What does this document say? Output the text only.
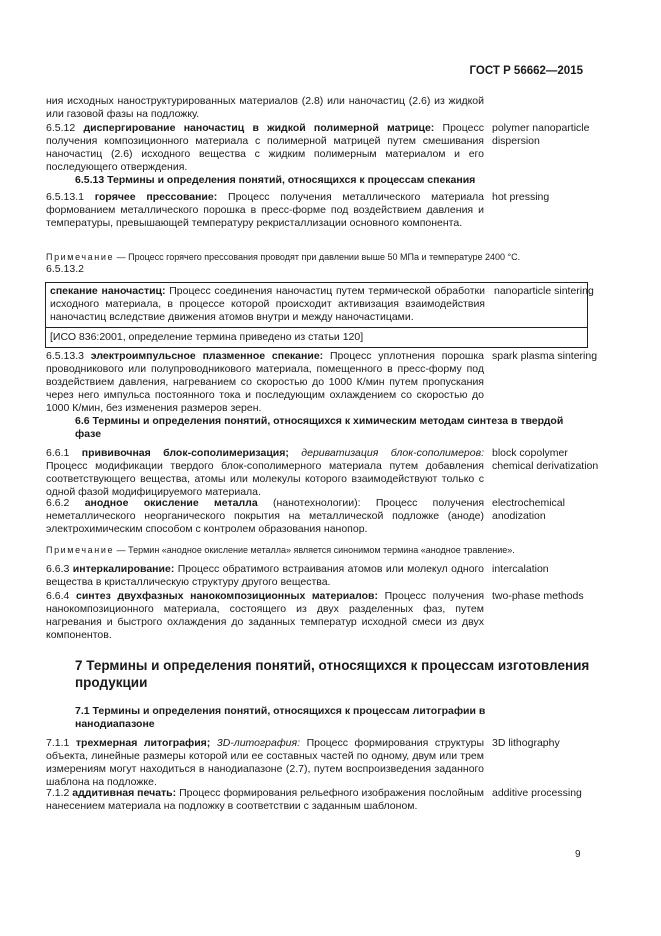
ГОСТ Р 56662—2015
ния исходных наноструктурированных материалов (2.8) или наночастиц (2.6) из жидкой или газовой фазы на подложку.
6.5.12 диспергирование наночастиц в жидкой полимерной матрице: Процесс получения композиционного материала с полимерной матрицей путем смешивания наночастиц (2.6) исходного вещества с жидким полимерным материалом и его последующего отверждения.
polymer nanoparticle dispersion
6.5.13 Термины и определения понятий, относящихся к процессам спекания
6.5.13.1 горячее прессование: Процесс получения металлического материала формованием металлического порошка в пресс-форме под воздействием давления и температуры, превышающей температуру рекристаллизации основного компонента.
hot pressing
Примечание — Процесс горячего прессования проводят при давлении выше 50 МПа и температуре 2400 °С.
6.5.13.2
спекание наночастиц: Процесс соединения наночастиц путем термической обработки исходного материала, в процессе которой происходит активизация взаимодействия наночастиц вследствие движения атомов внутри и между наночастицами.
nanoparticle sintering
[ИСО 836:2001, определение термина приведено из статьи 120]
6.5.13.3 электроимпульсное плазменное спекание: Процесс уплотнения порошка проводникового или полупроводникового материала, помещенного в пресс-форму под воздействием давления, нагреванием со скоростью до 1000 К/мин путем пропускания через него импульса постоянного тока и последующим охлаждением со скоростью до 1000 К/мин, без изменения размеров зерен.
spark plasma sintering
6.6 Термины и определения понятий, относящихся к химическим методам синтеза в твердой фазе
6.6.1 прививочная блок-сополимеризация; дериватизация блок-сополимеров: Процесс модификации твердого блок-сополимерного материала путем добавления соответствующего вещества, атомы или молекулы которого взаимодействуют только с одной фазой модифицируемого материала.
block copolymer chemical derivatization
6.6.2 анодное окисление металла (нанотехнологии): Процесс получения неметаллического неорганического покрытия на металлической подложке (аноде) электрохимическим способом с контролем образования нанопор.
electrochemical anodization
Примечание — Термин «анодное окисление металла» является синонимом термина «анодное травление».
6.6.3 интеркалирование: Процесс обратимого встраивания атомов или молекул одного вещества в кристаллическую структуру другого вещества.
intercalation
6.6.4 синтез двухфазных нанокомпозиционных материалов: Процесс получения нанокомпозиционного материала, состоящего из двух разделенных фаз, путем нагревания и быстрого охлаждения до заданных температур исходной смеси из двух компонентов.
two-phase methods
7 Термины и определения понятий, относящихся к процессам изготовления продукции
7.1 Термины и определения понятий, относящихся к процессам литографии в нанодиапазоне
7.1.1 трехмерная литография; 3D-литография: Процесс формирования структуры объекта, линейные размеры которой или ее составных частей по одному, двум или трем измерениям могут находиться в нанодиапазоне (2.7), путем воспроизведения заданного шаблона на подложке.
3D lithography
7.1.2 аддитивная печать: Процесс формирования рельефного изображения послойным нанесением материала на подложку в соответствии с заданным шаблоном.
additive processing
9
